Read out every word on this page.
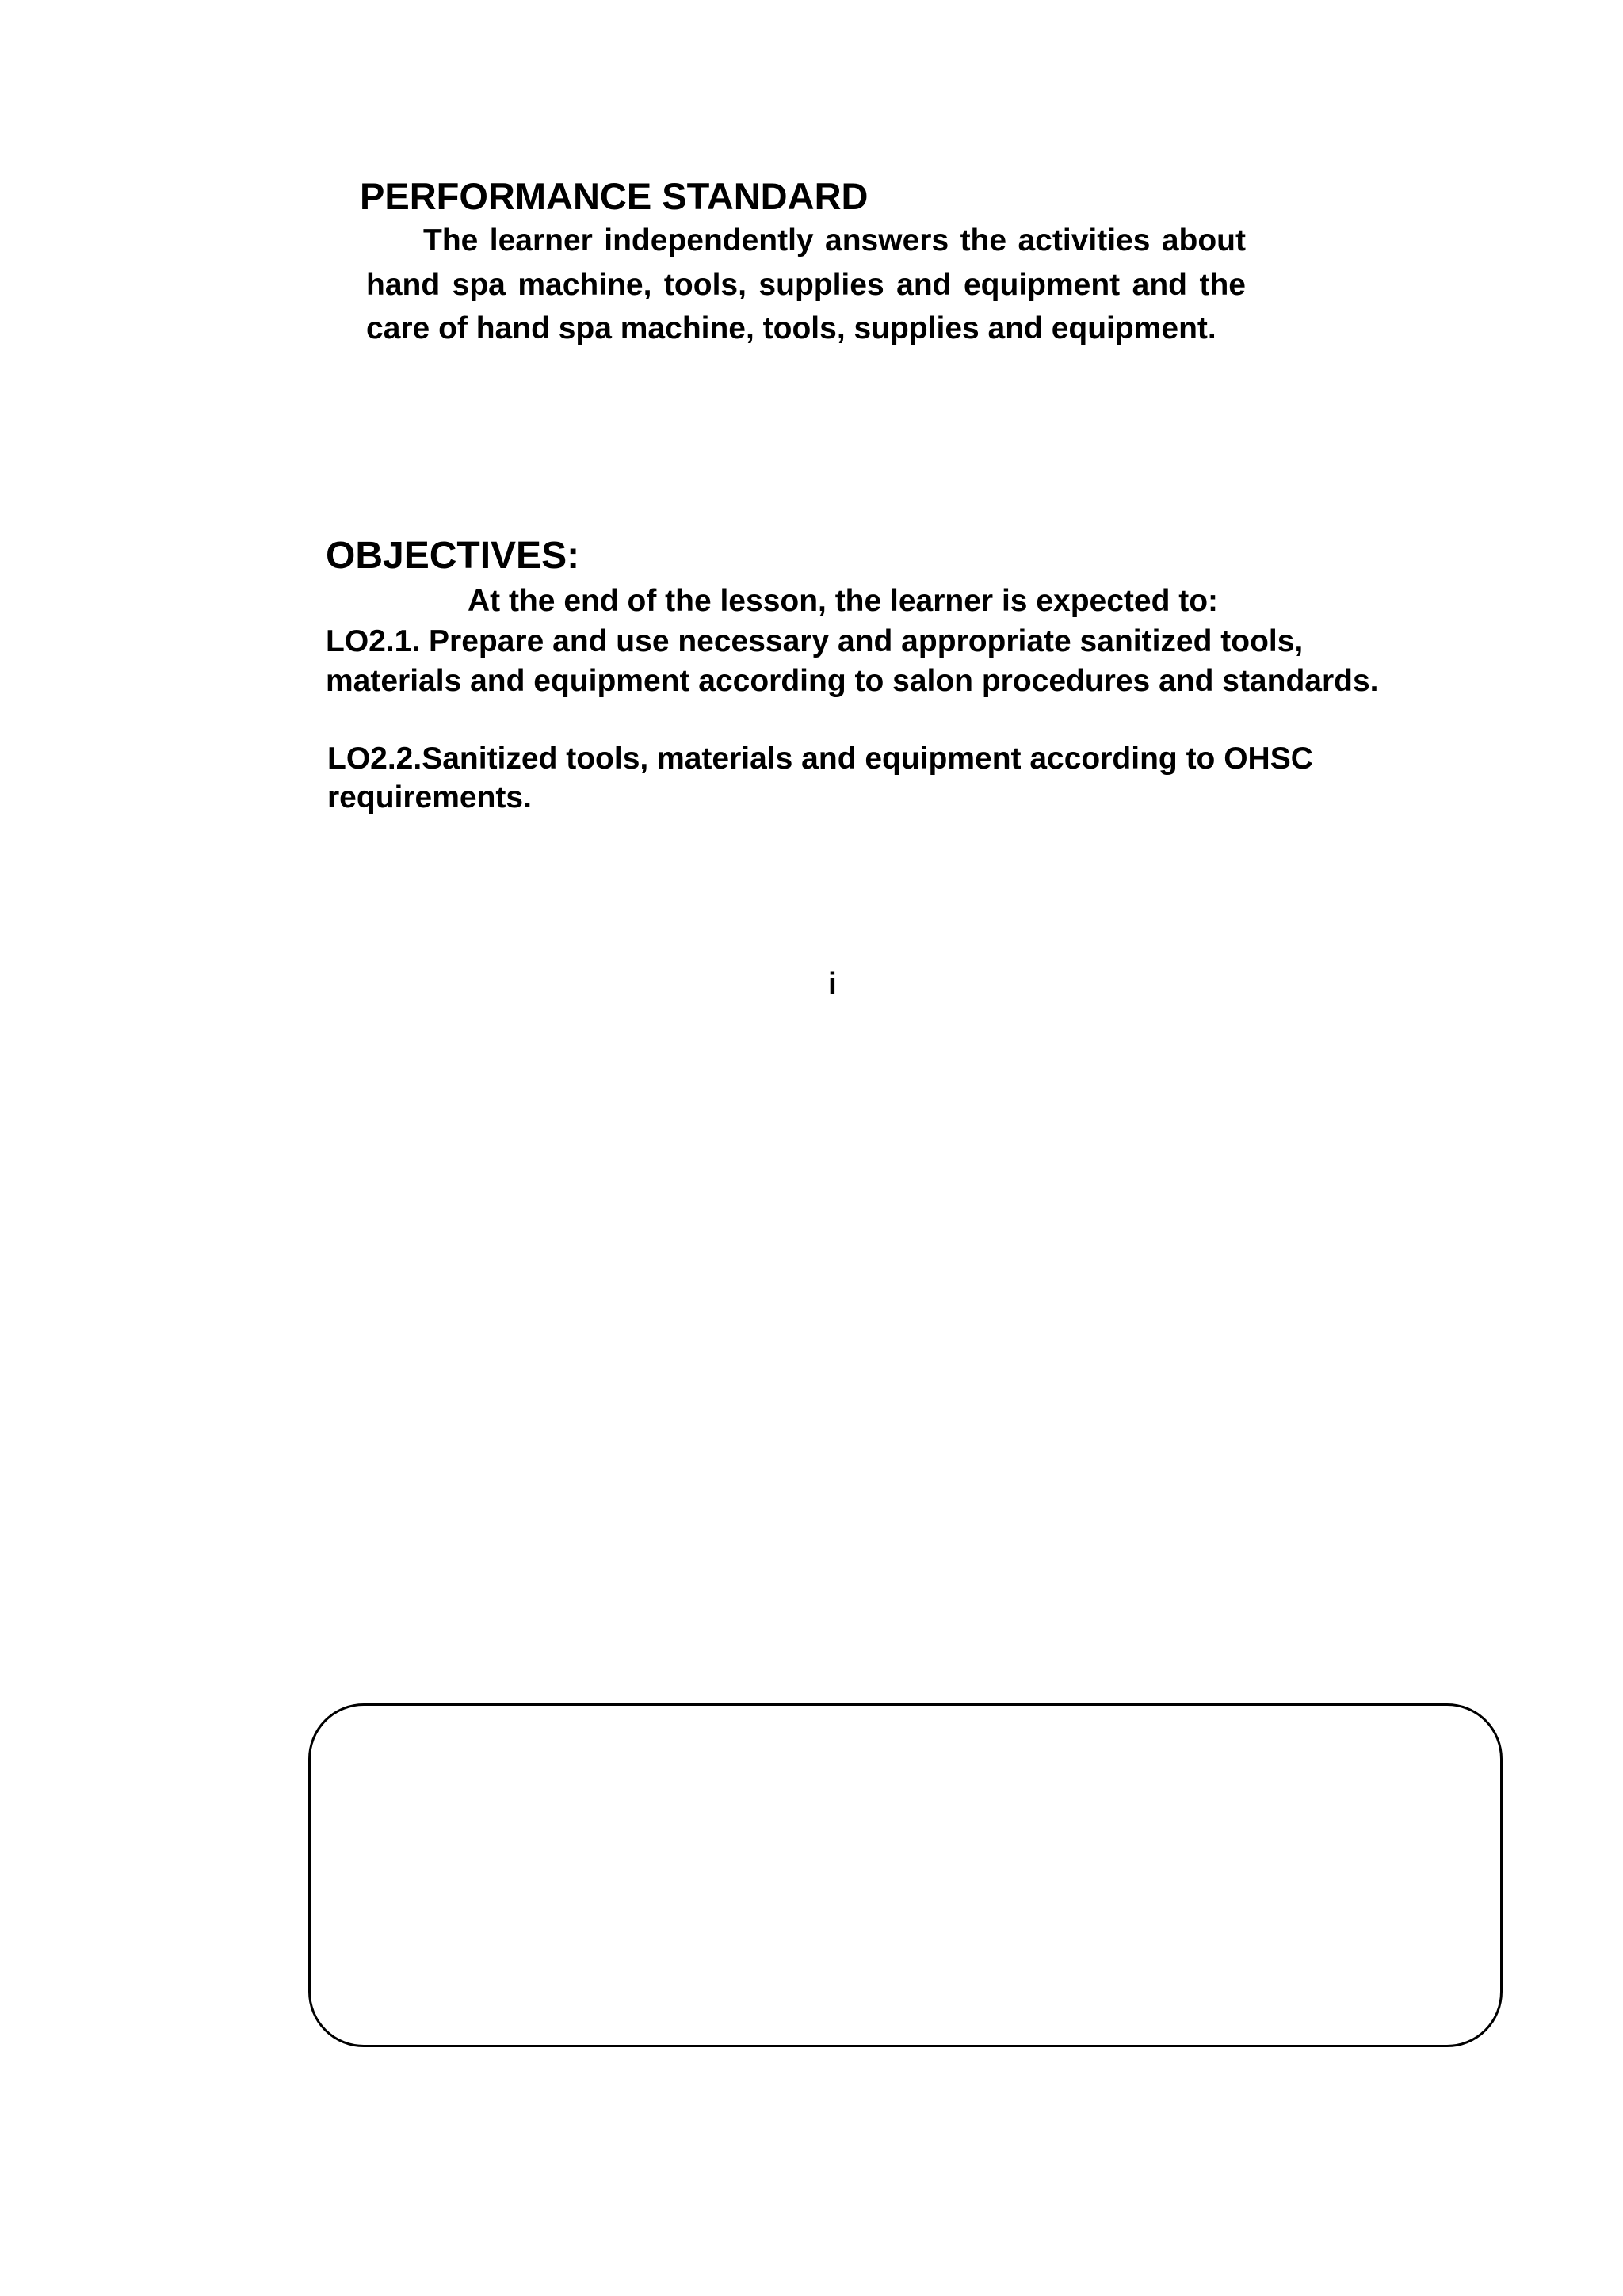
PERFORMANCE STANDARD

The learner independently answers the activities about hand spa machine, tools, supplies and equipment and the care of hand spa machine, tools, supplies and equipment.

OBJECTIVES:

At the end of the lesson, the learner is expected to:

LO2.1. Prepare and use necessary and appropriate sanitized tools,
materials and equipment according to salon procedures and standards.
LO2.2.Sanitized tools, materials and equipment according to OHSC
requirements.

i
